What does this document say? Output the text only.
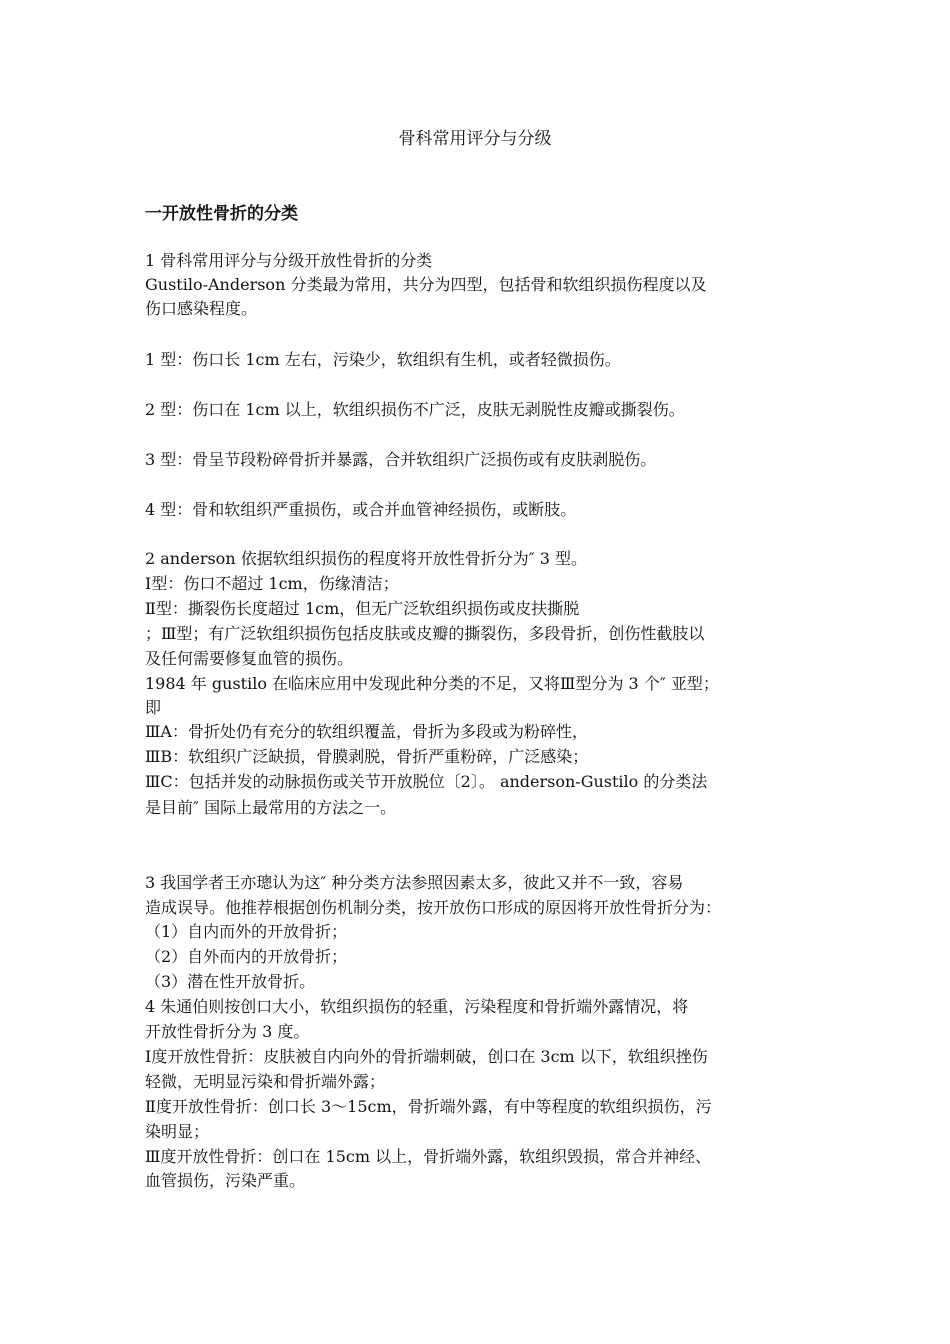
骨科常用评分与分级
一开放性骨折的分类
1 骨科常用评分与分级开放性骨折的分类
Gustilo-Anderson 分类最为常用，共分为四型，包括骨和软组织损伤程度以及
伤口感染程度。
1 型：伤口长 1cm 左右，污染少，软组织有生机，或者轻微损伤。
2 型：伤口在 1cm 以上，软组织损伤不广泛，皮肤无剥脱性皮瓣或撕裂伤。
3 型：骨呈节段粉碎骨折并暴露，合并软组织广泛损伤或有皮肤剥脱伤。
4 型：骨和软组织严重损伤，或合并血管神经损伤，或断肢。
2 anderson 依据软组织损伤的程度将开放性骨折分为″ 3 型。
Ⅰ型：伤口不超过 1cm，伤缘清洁；
Ⅱ型：撕裂伤长度超过 1cm，但无广泛软组织损伤或皮扶撕脱
；Ⅲ型；有广泛软组织损伤包括皮肤或皮瓣的撕裂伤，多段骨折，创伤性截肢以
及任何需要修复血管的损伤。
1984 年 gustilo 在临床应用中发现此种分类的不足，又将Ⅲ型分为 3 个″ 亚型；
即
ⅢA：骨折处仍有充分的软组织覆盖，骨折为多段或为粉碎性，
ⅢB：软组织广泛缺损，骨膜剥脱，骨折严重粉碎，广泛感染；
ⅢC：包括并发的动脉损伤或关节开放脱位〔2〕。 anderson-Gustilo 的分类法
是目前″ 国际上最常用的方法之一。
3 我国学者王亦璁认为这″ 种分类方法参照因素太多，彼此又并不一致，容易
造成误导。他推荐根据创伤机制分类，按开放伤口形成的原因将开放性骨折分为：
（1）自内而外的开放骨折；
（2）自外而内的开放骨折；
（3）潜在性开放骨折。
4 朱通伯则按创口大小，软组织损伤的轻重，污染程度和骨折端外露情况，将
开放性骨折分为 3 度。
Ⅰ度开放性骨折：皮肤被自内向外的骨折端刺破，创口在 3cm 以下，软组织挫伤
轻微，无明显污染和骨折端外露；
Ⅱ度开放性骨折：创口长 3～15cm，骨折端外露，有中等程度的软组织损伤，污
染明显；
Ⅲ度开放性骨折：创口在 15cm 以上，骨折端外露，软组织毁损，常合并神经、
血管损伤，污染严重。
